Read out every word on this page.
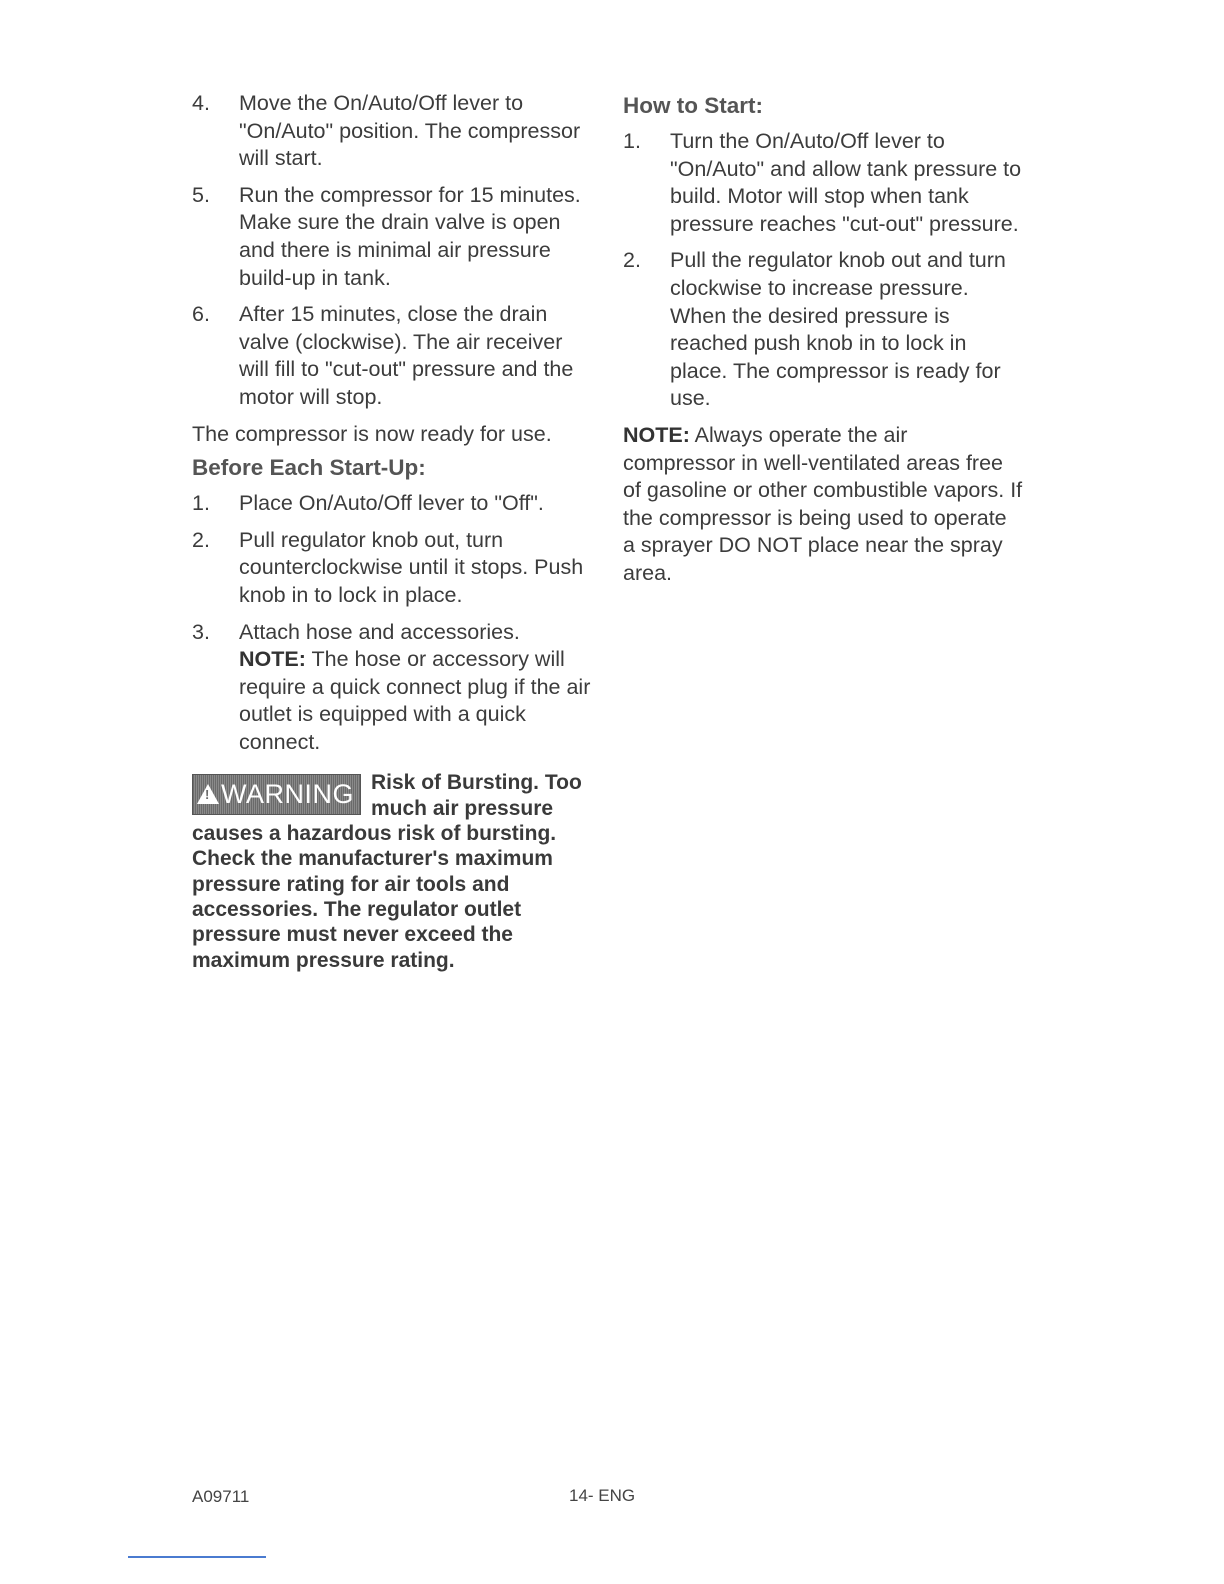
4. Move the On/Auto/Off lever to "On/Auto" position. The compressor will start.
5. Run the compressor for 15 minutes. Make sure the drain valve is open and there is minimal air pressure build-up in tank.
6. After 15 minutes, close the drain valve (clockwise). The air receiver will fill to "cut-out" pressure and the motor will stop.
The compressor is now ready for use.
Before Each Start-Up:
1. Place On/Auto/Off lever to "Off".
2. Pull regulator knob out, turn counterclockwise until it stops. Push knob in to lock in place.
3. Attach hose and accessories. NOTE: The hose or accessory will require a quick connect plug if the air outlet is equipped with a quick connect.
!WARNING Risk of Bursting. Too much air pressure causes a hazardous risk of bursting. Check the manufacturer's maximum pressure rating for air tools and accessories. The regulator outlet pressure must never exceed the maximum pressure rating.
How to Start:
1. Turn the On/Auto/Off lever to "On/Auto" and allow tank pressure to build. Motor will stop when tank pressure reaches "cut-out" pressure.
2. Pull the regulator knob out and turn clockwise to increase pressure. When the desired pressure is reached push knob in to lock in place. The compressor is ready for use.
NOTE: Always operate the air compressor in well-ventilated areas free of gasoline or other combustible vapors. If the compressor is being used to operate a sprayer DO NOT place near the spray area.
A09711	14- ENG
